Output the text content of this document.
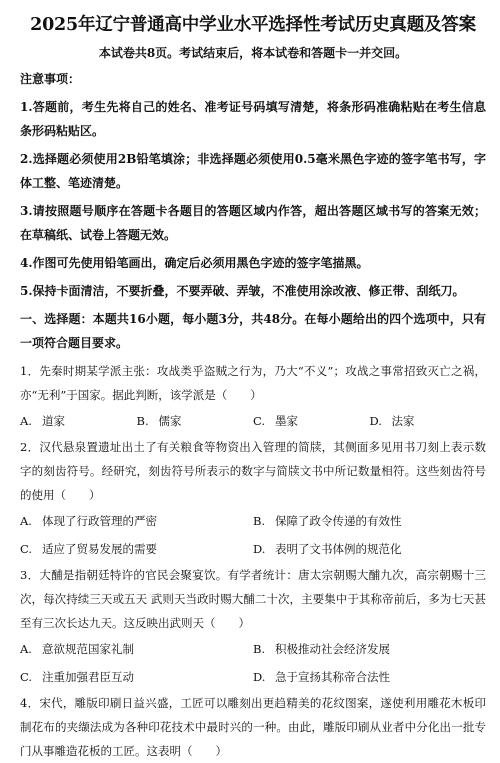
2025年辽宁普通高中学业水平选择性考试历史真题及答案
本试卷共8页。考试结束后，将本试卷和答题卡一并交回。

注意事项：

1.答题前，考生先将自己的姓名、准考证号码填写清楚，将条形码准确粘贴在考生信息条形码粘贴区。

2.选择题必须使用2B铅笔填涂；非选择题必须使用0.5毫米黑色字迹的签字笔书写，字体工整、笔迹清楚。

3.请按照题号顺序在答题卡各题目的答题区域内作答，超出答题区域书写的答案无效；在草稿纸、试卷上答题无效。

4.作图可先使用铅笔画出，确定后必须用黑色字迹的签字笔描黑。

5.保持卡面清洁，不要折叠，不要弄破、弄皱，不准使用涂改液、修正带、刮纸刀。

一、选择题：本题共16小题，每小题3分，共48分。在每小题给出的四个选项中，只有一项符合题目要求。

1．先秦时期某学派主张：攻战类乎盗贼之行为，乃大“不义”；攻战之事常招致灭亡之祸，亦“无利”于国家。据此判断，该学派是（　　）

A. 道家	B. 儒家	C. 墨家	D. 法家

2．汉代悬泉置遗址出土了有关粮食等物资出入管理的简牍，其侧面多见用书刀刻上表示数字的刻齿符号。经研究，刻齿符号所表示的数字与简牍文书中所记数量相符。这些刻齿符号的使用（　　）

A. 体现了行政管理的严密	B. 保障了政令传递的有效性
C. 适应了贸易发展的需要	D. 表明了文书体例的规范化

3．大酺是指朝廷特许的官民会聚宴饮。有学者统计：唐太宗朝赐大酺九次，高宗朝赐十三次，每次持续三天或五天 武则天当政时赐大酺二十次，主要集中于其称帝前后，多为七天甚至有三次长达九天。这反映出武则天（　　）

A. 意欲规范国家礼制	B. 积极推动社会经济发展
C. 注重加强君臣互动	D. 急于宣扬其称帝合法性

4．宋代，雕版印刷日益兴盛，工匠可以雕刻出更趋精美的花纹图案，遂使利用雕花木板印制花布的夹缬法成为各种印花技术中最时兴的一种。由此，雕版印刷从业者中分化出一批专门从事雕造花板的工匠。这表明（　　）
